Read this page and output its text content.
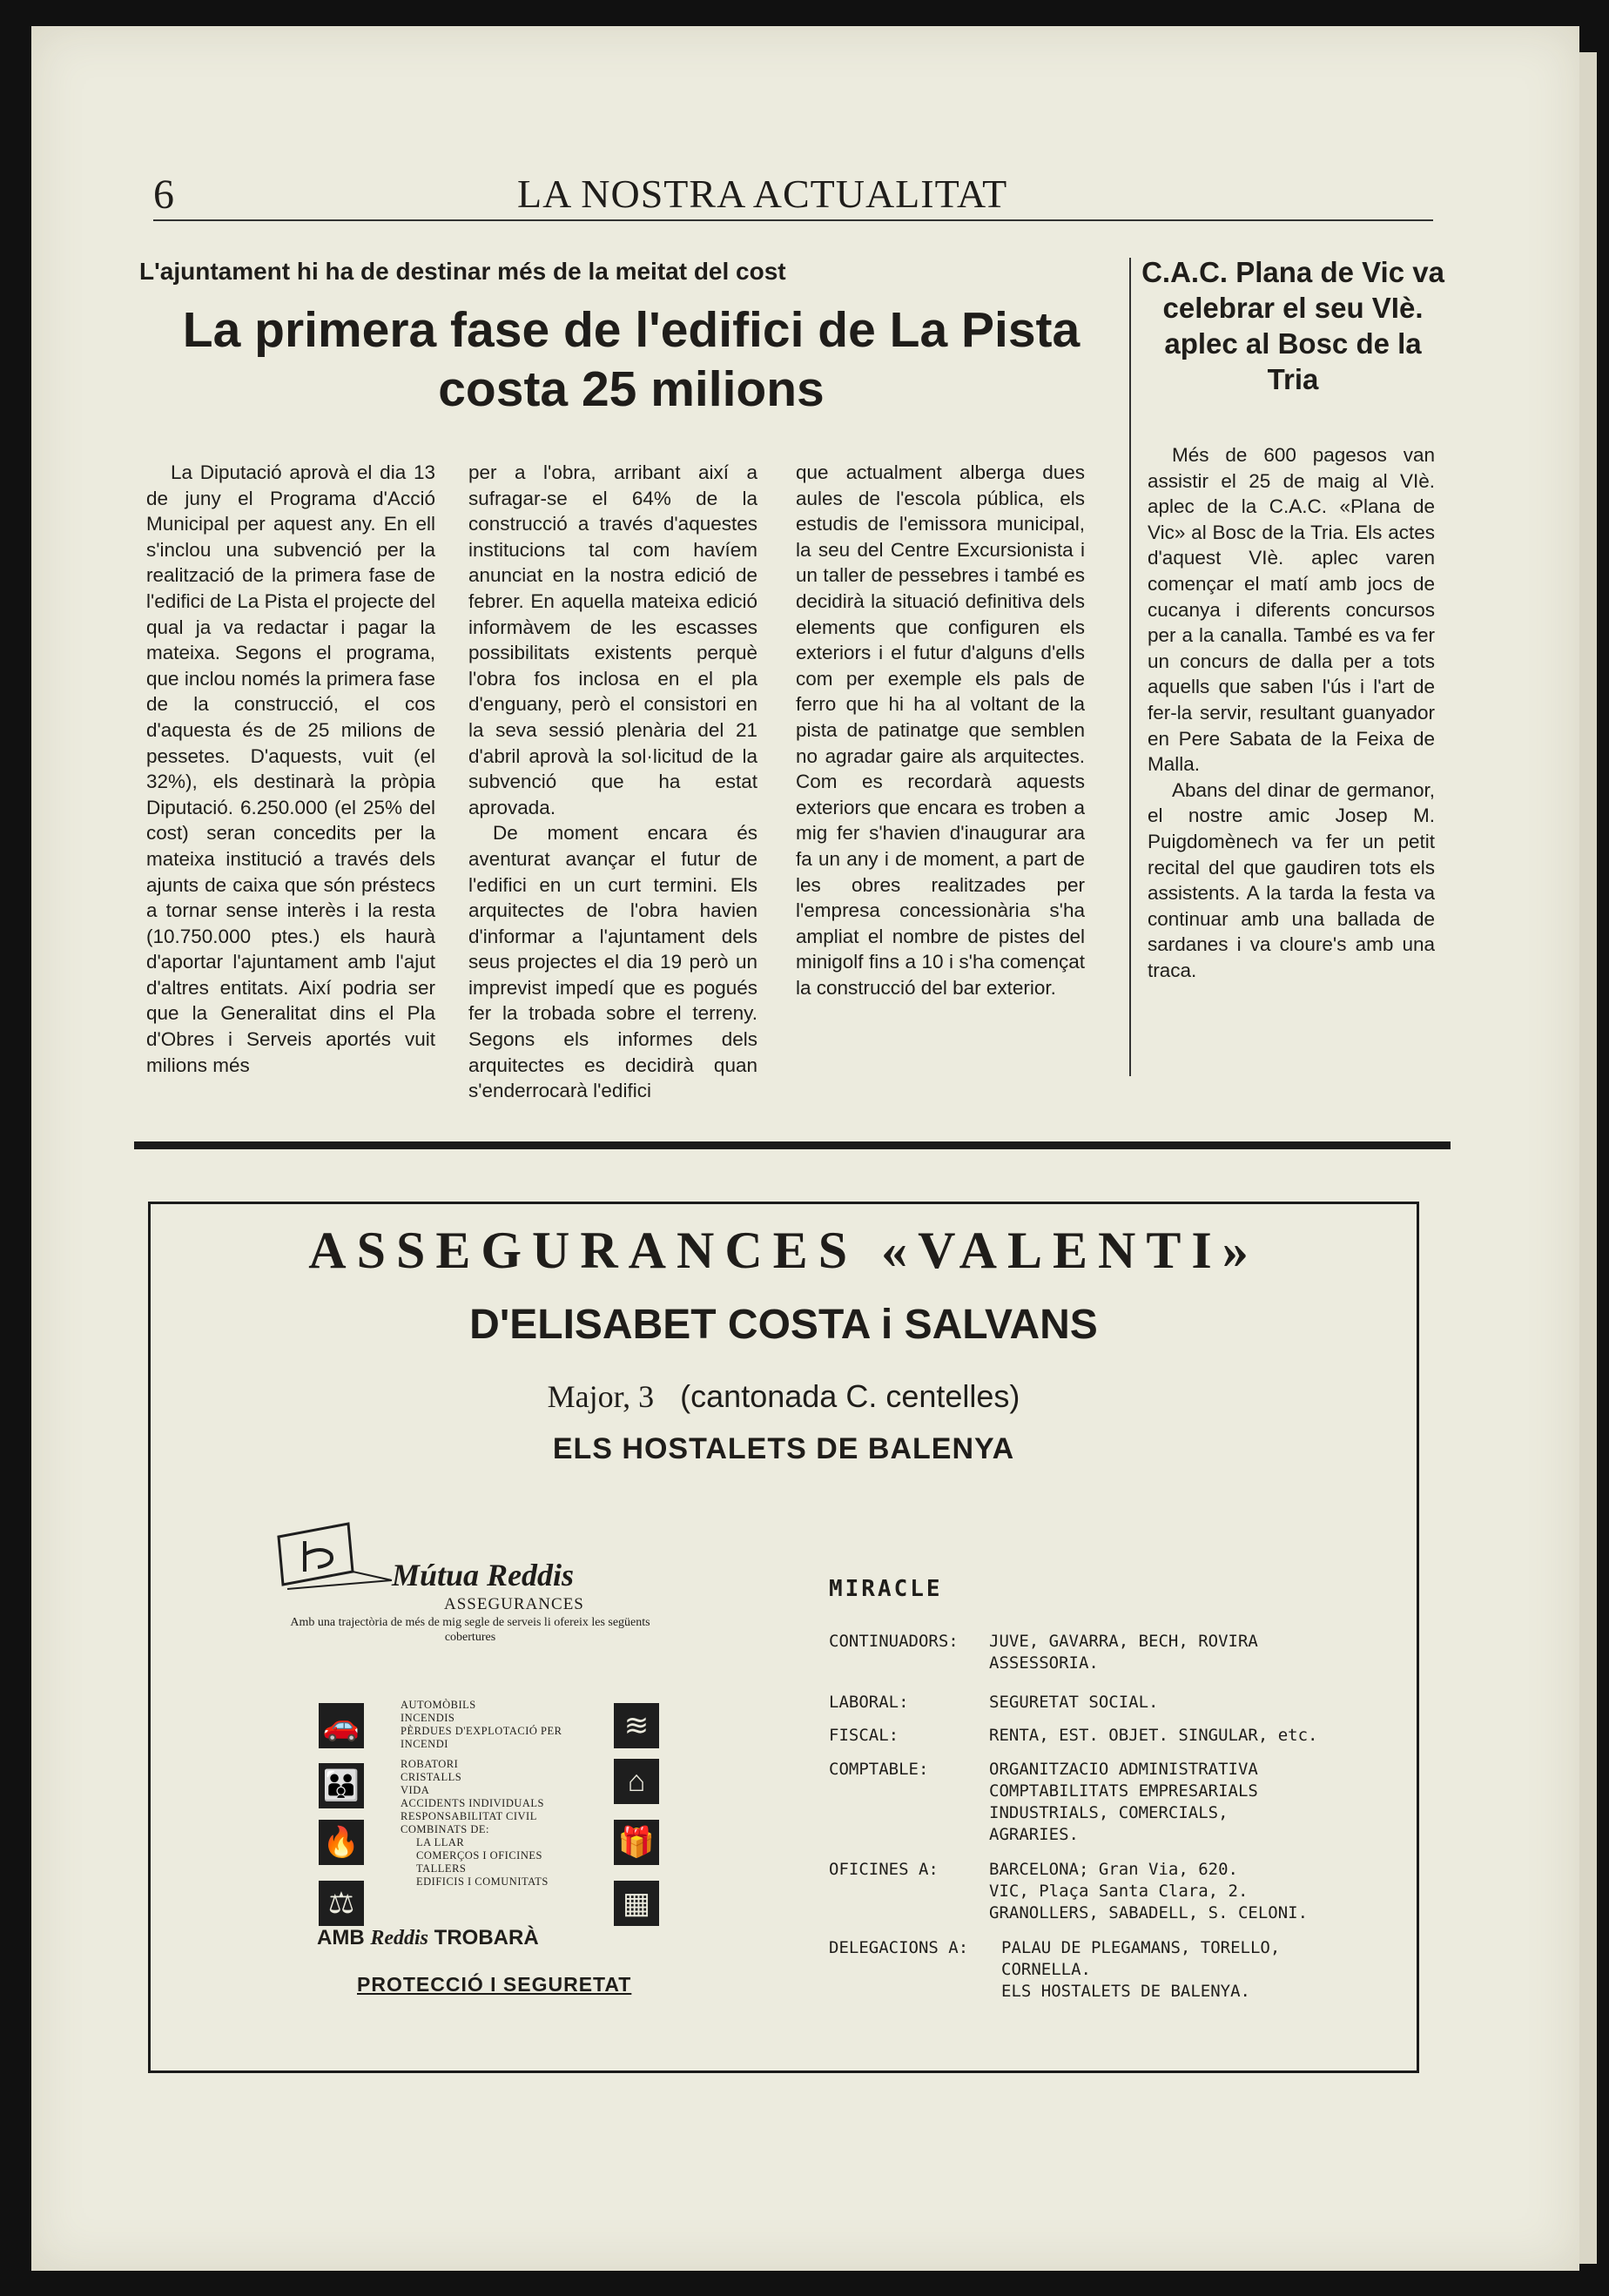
6	LA NOSTRA ACTUALITAT
L'ajuntament hi ha de destinar més de la meitat del cost
La primera fase de l'edifici de La Pista costa 25 milions

La Diputació aprovà el dia 13 de juny el Programa d'Acció Municipal per aquest any. En ell s'inclou una subvenció per la realització de la primera fase de l'edifici de La Pista el projecte del qual ja va redactar i pagar la mateixa. Segons el programa, que inclou només la primera fase de la construcció, el cos d'aquesta és de 25 milions de pessetes. D'aquests, vuit (el 32%), els destinarà la pròpia Diputació. 6.250.000 (el 25% del cost) seran concedits per la mateixa institució a través dels ajunts de caixa que són préstecs a tornar sense interès i la resta (10.750.000 ptes.) els haurà d'aportar l'ajuntament amb l'ajut d'altres entitats. Així podria ser que la Generalitat dins el Pla d'Obres i Serveis aportés vuit milions més

per a l'obra, arribant així a sufragar-se el 64% de la construcció a través d'aquestes institucions tal com havíem anunciat en la nostra edició de febrer. En aquella mateixa edició informàvem de les escasses possibilitats existents perquè l'obra fos inclosa en el pla d'enguany, però el consistori en la seva sessió plenària del 21 d'abril aprovà la sol·licitud de la subvenció que ha estat aprovada.

De moment encara és aventurat avançar el futur de l'edifici en un curt termini. Els arquitectes de l'obra havien d'informar a l'ajuntament dels seus projectes el dia 19 però un imprevist impedí que es pogués fer la trobada sobre el terreny. Segons els informes dels arquitectes es decidirà quan s'enderrocarà l'edifici

que actualment alberga dues aules de l'escola pública, els estudis de l'emissora municipal, la seu del Centre Excursionista i un taller de pessebres i també es decidirà la situació definitiva dels elements que configuren els exteriors i el futur d'alguns d'ells com per exemple els pals de ferro que hi ha al voltant de la pista de patinatge que semblen no agradar gaire als arquitectes. Com es recordarà aquests exteriors que encara es troben a mig fer s'havien d'inaugurar ara fa un any i de moment, a part de les obres realitzades per l'empresa concessionària s'ha ampliat el nombre de pistes del minigolf fins a 10 i s'ha començat la construcció del bar exterior.

C.A.C. Plana de Vic va celebrar el seu VIè. aplec al Bosc de la Tria

Més de 600 pagesos van assistir el 25 de maig al VIè. aplec de la C.A.C. «Plana de Vic» al Bosc de la Tria. Els actes d'aquest VIè. aplec varen començar el matí amb jocs de cucanya i diferents concursos per a la canalla. També es va fer un concurs de dalla per a tots aquells que saben l'ús i l'art de fer-la servir, resultant guanyador en Pere Sabata de la Feixa de Malla.

Abans del dinar de germanor, el nostre amic Josep M. Puigdomènech va fer un petit recital del que gaudiren tots els assistents. A la tarda la festa va continuar amb una ballada de sardanes i va cloure's amb una traca.

ASSEGURANCES «VALENTI»
D'ELISABET COSTA i SALVANS
Major, 3 (cantonada C. centelles)
ELS HOSTALETS DE BALENYA
Mútua Reddis
ASSEGURANCES
Amb una trajectòria de més de mig segle de serveis li ofereix les següents cobertures
🚗
👪
🔥
⚖
≋
⌂
🎁
▦
AUTOMÒBILS
INCENDIS
PÈRDUES D'EXPLOTACIÓ PER INCENDI
ROBATORI
CRISTALLS
VIDA
ACCIDENTS INDIVIDUALS
RESPONSABILITAT CIVIL
COMBINATS DE:
LA LLAR
COMERÇOS I OFICINES
TALLERS
EDIFICIS I COMUNITATS
AMB Reddis TROBARÀ
PROTECCIÓ I SEGURETAT
MIRACLE
CONTINUADORS: JUVE, GAVARRA, BECH, ROVIRA
ASSESSORIA.
LABORAL:	SEGURETAT SOCIAL.
FISCAL:	RENTA, EST. OBJET. SINGULAR, etc.
COMPTABLE:	ORGANITZACIO ADMINISTRATIVA
COMPTABILITATS EMPRESARIALS
INDUSTRIALS, COMERCIALS,
AGRARIES.
OFICINES A:	BARCELONA; Gran Via, 620.
VIC, Plaça Santa Clara, 2.
GRANOLLERS, SABADELL, S. CELONI.
DELEGACIONS A: PALAU DE PLEGAMANS, TORELLO,
CORNELLA.
ELS HOSTALETS DE BALENYA.
